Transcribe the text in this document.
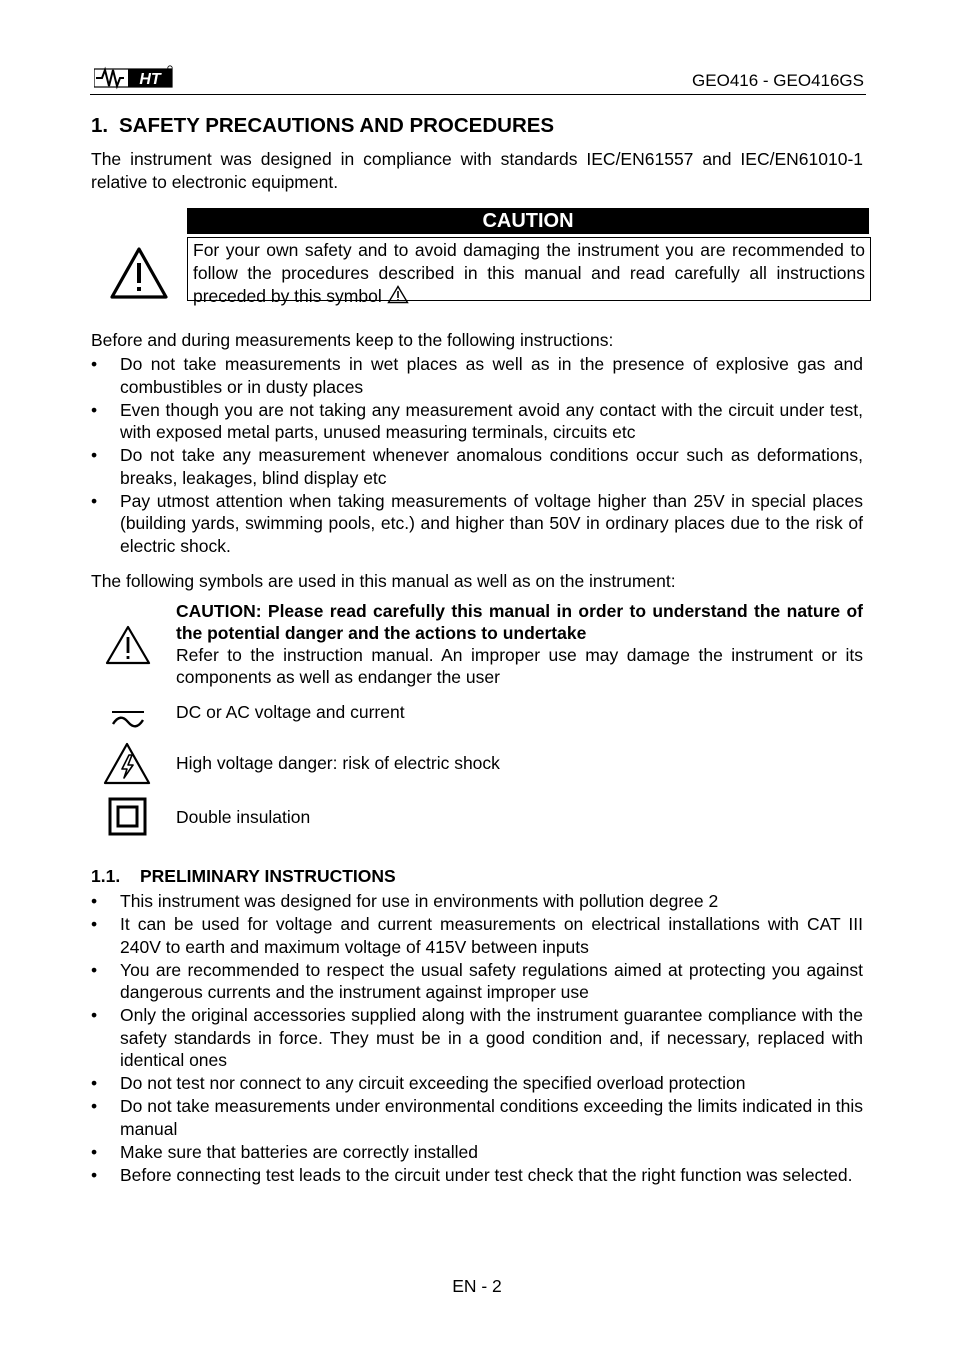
HT	GEO416 - GEO416GS
1. SAFETY PRECAUTIONS AND PROCEDURES
The instrument was designed in compliance with standards IEC/EN61557 and IEC/EN61010-1 relative to electronic equipment.
CAUTION
For your own safety and to avoid damaging the instrument you are recommended to follow the procedures described in this manual and read carefully all instructions preceded by this symbol
Before and during measurements keep to the following instructions:
• Do not take measurements in wet places as well as in the presence of explosive gas and combustibles or in dusty places
• Even though you are not taking any measurement avoid any contact with the circuit under test, with exposed metal parts, unused measuring terminals, circuits etc
• Do not take any measurement whenever anomalous conditions occur such as deformations, breaks, leakages, blind display etc
• Pay utmost attention when taking measurements of voltage higher than 25V in special places (building yards, swimming pools, etc.) and higher than 50V in ordinary places due to the risk of electric shock.
The following symbols are used in this manual as well as on the instrument:
CAUTION: Please read carefully this manual in order to understand the nature of the potential danger and the actions to undertake
Refer to the instruction manual. An improper use may damage the instrument or its components as well as endanger the user
DC or AC voltage and current
High voltage danger: risk of electric shock
Double insulation
1.1. PRELIMINARY INSTRUCTIONS
• This instrument was designed for use in environments with pollution degree 2
• It can be used for voltage and current measurements on electrical installations with CAT III 240V to earth and maximum voltage of 415V between inputs
• You are recommended to respect the usual safety regulations aimed at protecting you against dangerous currents and the instrument against improper use
• Only the original accessories supplied along with the instrument guarantee compliance with the safety standards in force. They must be in a good condition and, if necessary, replaced with identical ones
• Do not test nor connect to any circuit exceeding the specified overload protection
• Do not take measurements under environmental conditions exceeding the limits indicated in this manual
• Make sure that batteries are correctly installed
• Before connecting test leads to the circuit under test check that the right function was selected.
EN - 2
